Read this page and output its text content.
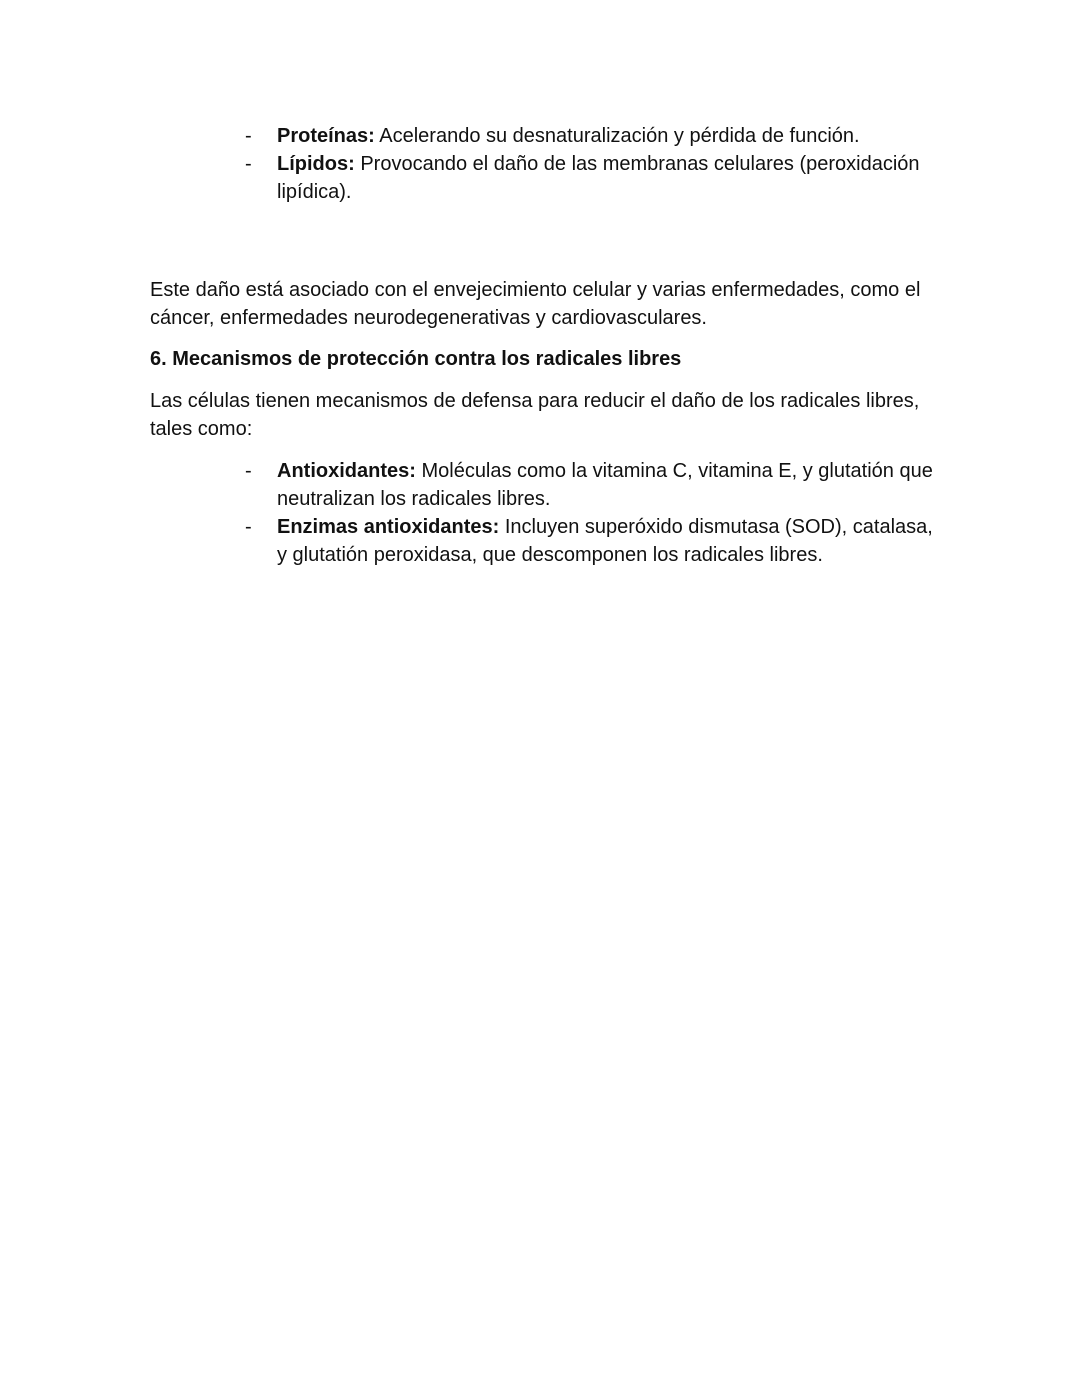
- Proteínas: Acelerando su desnaturalización y pérdida de función.
- Lípidos: Provocando el daño de las membranas celulares (peroxidación lipídica).

Este daño está asociado con el envejecimiento celular y varias enfermedades, como el cáncer, enfermedades neurodegenerativas y cardiovasculares.

6. Mecanismos de protección contra los radicales libres

Las células tienen mecanismos de defensa para reducir el daño de los radicales libres, tales como:

- Antioxidantes: Moléculas como la vitamina C, vitamina E, y glutatión que neutralizan los radicales libres.
- Enzimas antioxidantes: Incluyen superóxido dismutasa (SOD), catalasa, y glutatión peroxidasa, que descomponen los radicales libres.
